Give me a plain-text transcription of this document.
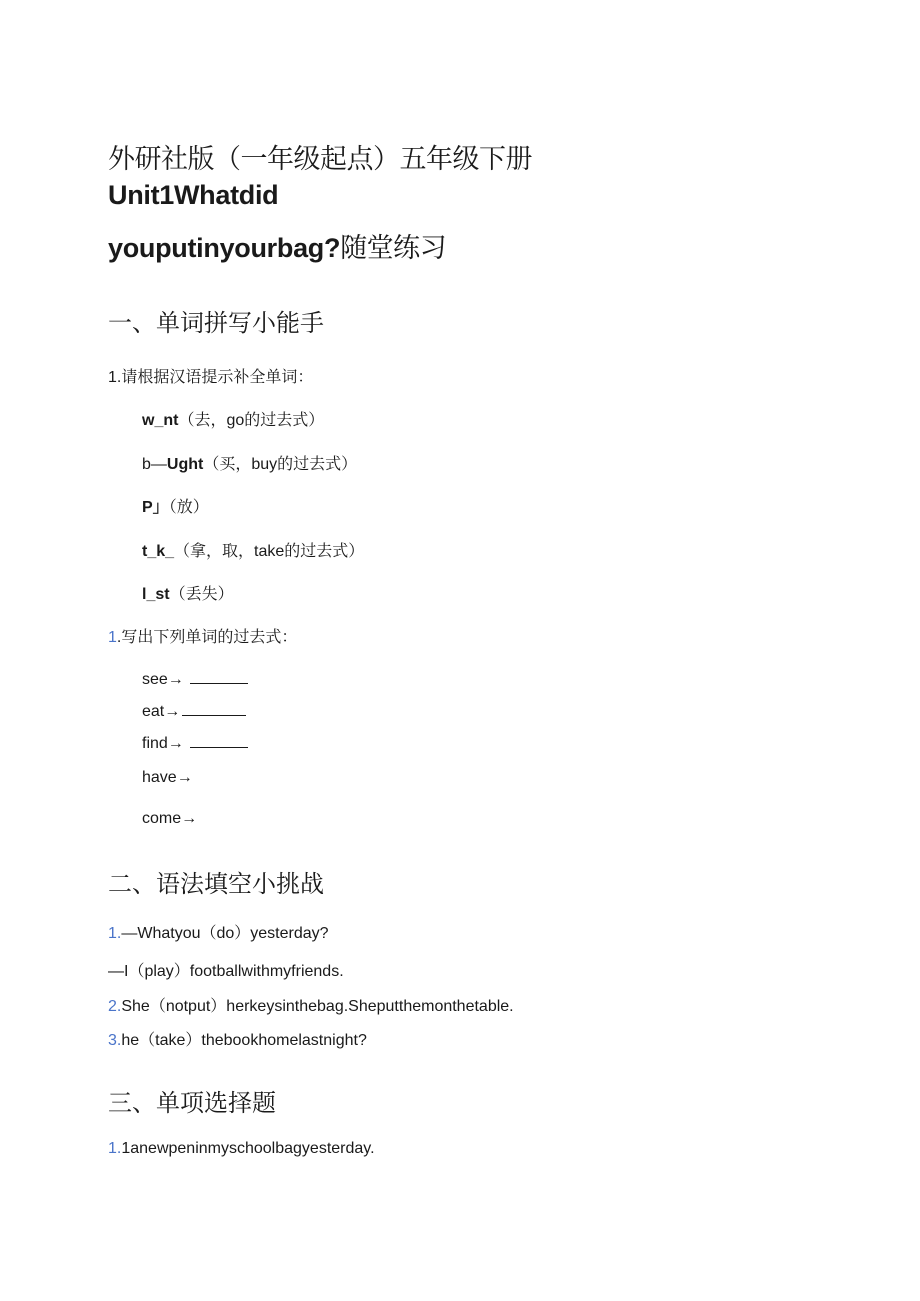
外研社版（一年级起点）五年级下册
Unit1Whatdid
youputinyourbag?随堂练习
一、单词拼写小能手
1.请根据汉语提示补全单词：
w_nt（去，go的过去式）
b—Ught（买，buy的过去式）
P」（放）
t_k_（拿，取，take的过去式）
l_st（丢失）
1.写出下列单词的过去式：
see→
eat→
find→
have→
come→
二、语法填空小挑战
1.—Whatyou（do）yesterday?
—I（play）footballwithmyfriends.
2.She（notput）herkeysinthebag.Sheputthemonthetable.
3.he（take）thebookhomelastnight?
三、单项选择题
1.1anewpeninmyschoolbagyesterday.
